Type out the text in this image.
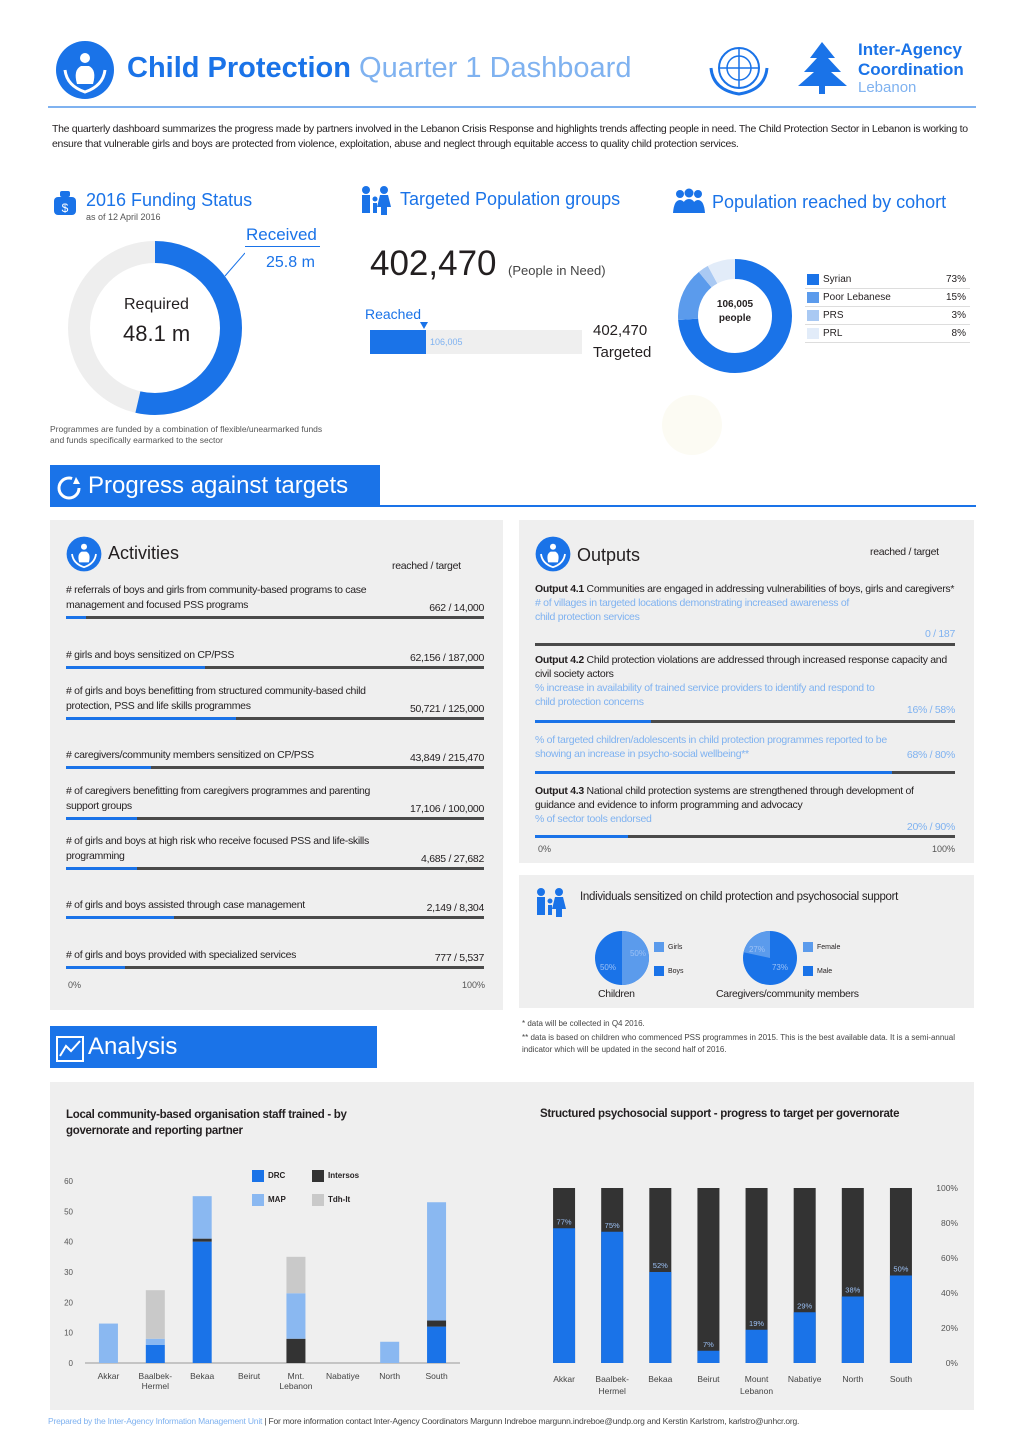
Child Protection Quarter 1 Dashboard
Inter-Agency
Coordination
Lebanon
The quarterly dashboard summarizes the progress made by partners involved in the Lebanon Crisis Response and highlights trends affecting people in need. The Child Protection Sector in Lebanon is working to ensure that vulnerable girls and boys are protected from violence, exploitation, abuse and neglect through equitable access to quality child protection services.
$ 2016 Funding Status
as of 12 April 2016
Received
25.8 m
Required
48.1 m
Programmes are funded by a combination of flexible/unearmarked funds and funds specifically earmarked to the sector
Targeted Population groups
402,470 (People in Need)
Reached
106,005
402,470
Targeted
Population reached by cohort
106,005
people
Syrian	73%
Poor Lebanese	15%
PRS	3%
PRL	8%
Progress against targets
Activities
reached / target
# referrals of boys and girls from community-based programs to case management and focused PSS programs	662 / 14,000
# girls and boys sensitized on CP/PSS	62,156 / 187,000
# of girls and boys benefitting from structured community-based child protection, PSS and life skills programmes	50,721 / 125,000
# caregivers/community members sensitized on CP/PSS	43,849 / 215,470
# of caregivers benefitting from caregivers programmes and parenting support groups	17,106 / 100,000
# of girls and boys at high risk who receive focused PSS and life-skills programming	4,685 / 27,682
# of girls and boys assisted through case management	2,149 / 8,304
# of girls and boys provided with specialized services	777 / 5,537
0%	100%
Outputs	reached / target
Output 4.1 Communities are engaged in addressing vulnerabilities of boys, girls and caregivers*
# of villages in targeted locations demonstrating increased awareness of child protection services
0 / 187
Output 4.2 Child protection violations are addressed through increased response capacity and civil society actors
% increase in availability of trained service providers to identify and respond to child protection concerns
16% / 58%
% of targeted children/adolescents in child protection programmes reported to be showing an increase in psycho-social wellbeing**	68% / 80%
Output 4.3 National child protection systems are strengthened through development of guidance and evidence to inform programming and advocacy
% of sector tools endorsed
20% / 90%
0%	100%
Individuals sensitized on child protection and psychosocial support
50%
50%
Girls
Boys
Children
27%
73%
Female
Male
Caregivers/community members
* data will be collected in Q4 2016.
** data is based on children who commenced PSS programmes in 2015. This is the best available data. It is a semi-annual indicator which will be updated in the second half of 2016.
Analysis
Local community-based organisation staff trained - by governorate and reporting partner
0
10
20
30
40
50
60
Akkar Baalbek-Hermel
Bekaa	Beirut	Mnt. Lebanon
Nabatiye North	South
DRC	Intersos
MAP	Tdh-It
Structured psychosocial support - progress to target per governorate
0%
20%
40%
60%
80%
100%
77%
Akkar
75%
Baalbek-Hermel
52%
Bekaa
7%
Beirut
19%
Mount Lebanon
29%
Nabatiye
38%
North
50%
South
Prepared by the Inter-Agency Information Management Unit | For more information contact Inter-Agency Coordinators Margunn Indreboe margunn.indreboe@undp.org and Kerstin Karlstrom, karlstro@unhcr.org.
